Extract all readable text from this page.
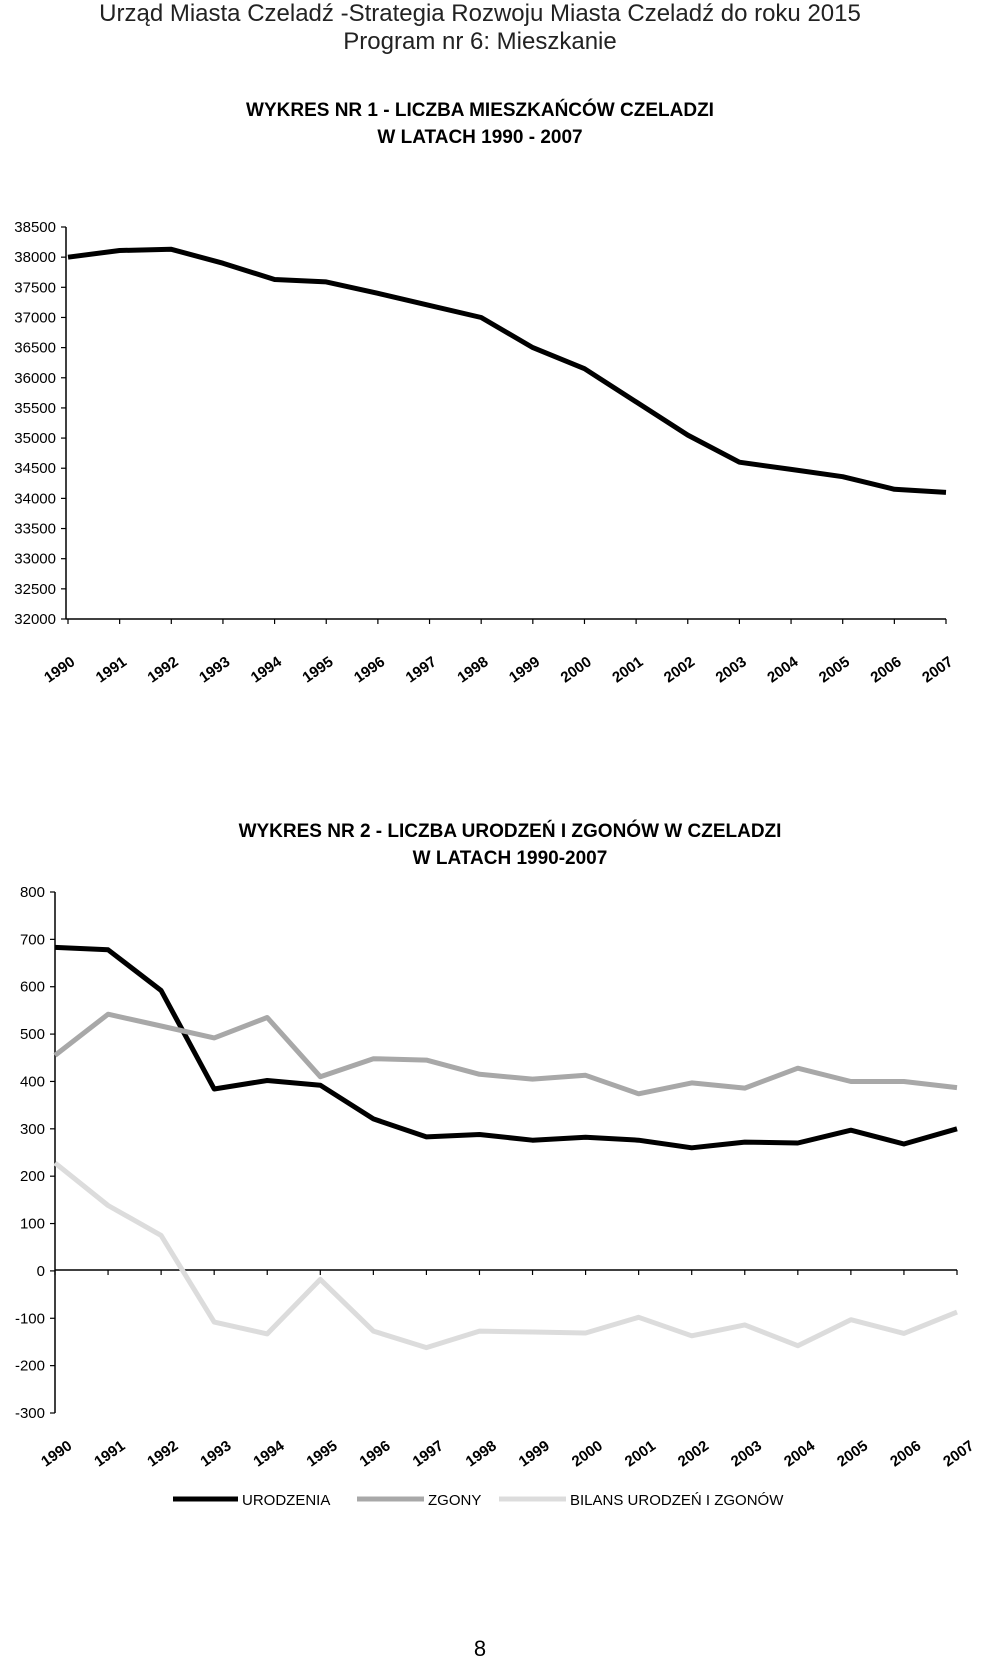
Urząd Miasta Czeladź -Strategia Rozwoju Miasta Czeladź do roku 2015
Program nr 6: Mieszkanie
WYKRES NR 1 - LICZBA MIESZKAŃCÓW CZELADZI
W LATACH 1990 - 2007
38500
38000
37500
37000
36500
36000
35500
35000
34500
34000
33500
33000
32500
32000
1990 1991 1992 1993 1994 1995 1996 1997 1998 1999 2000 2001 2002 2003 2004 2005 2006 2007
800
700
600
500
400
300
200
100
0
-100
-200
-300
1990 1991 1992 1993 1994 1995 1996 1997 1998 1999 2000 2001 2002 2003 2004 2005 2006 2007
URODZENIA	ZGONY	BILANS URODZEŃ I ZGONÓW
WYKRES NR 2 - LICZBA URODZEŃ I ZGONÓW W CZELADZI
W LATACH 1990-2007
8
